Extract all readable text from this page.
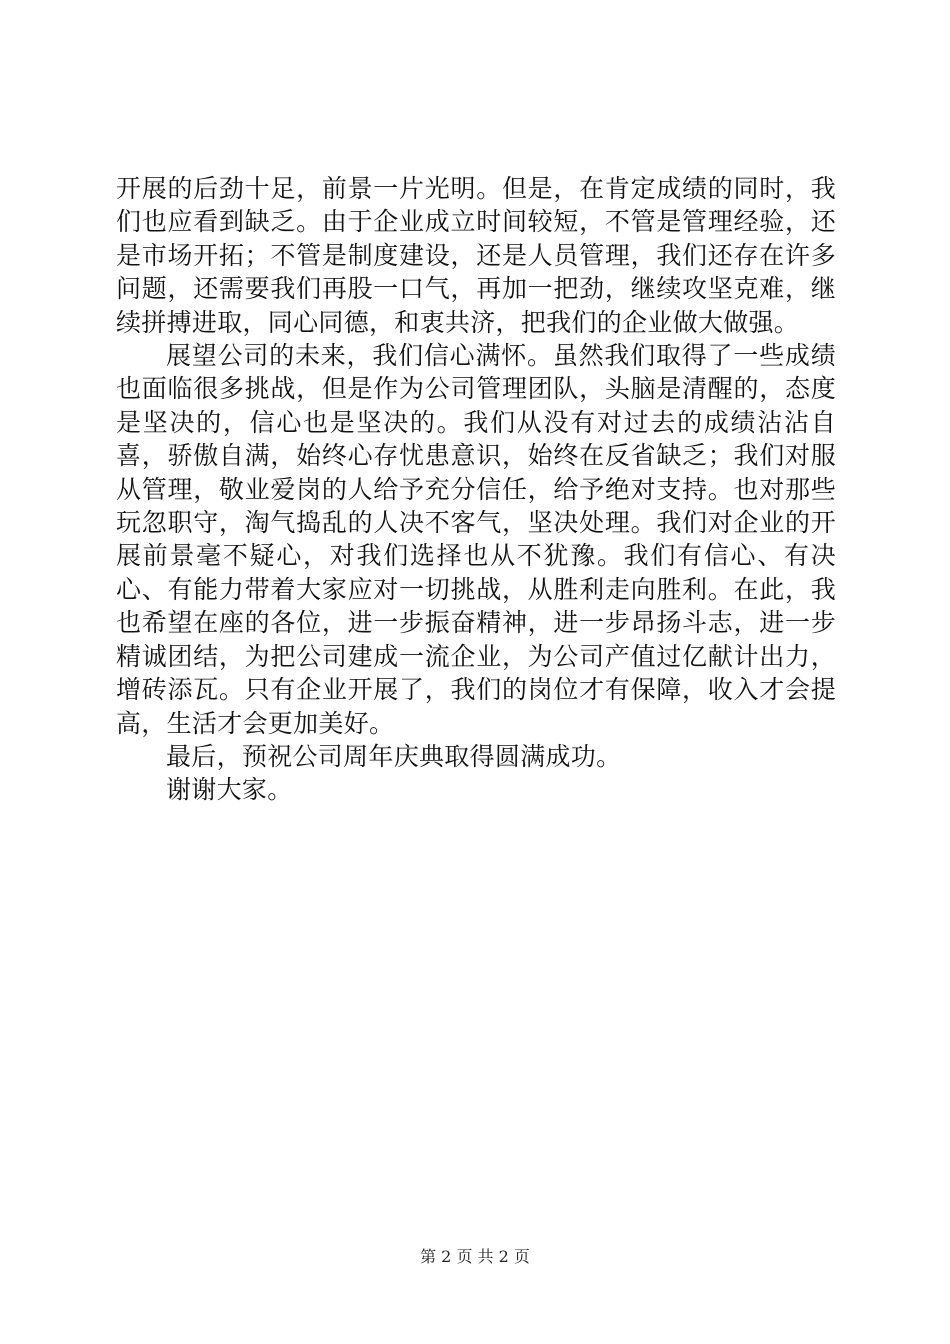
开展的后劲十足，前景一片光明。但是，在肯定成绩的同时，我们也应看到缺乏。由于企业成立时间较短，不管是管理经验，还是市场开拓；不管是制度建设，还是人员管理，我们还存在许多问题，还需要我们再股一口气，再加一把劲，继续攻坚克难，继续拼搏进取，同心同德，和衷共济，把我们的企业做大做强。

展望公司的未来，我们信心满怀。虽然我们取得了一些成绩也面临很多挑战，但是作为公司管理团队，头脑是清醒的，态度是坚决的，信心也是坚决的。我们从没有对过去的成绩沾沾自喜，骄傲自满，始终心存忧患意识，始终在反省缺乏；我们对服从管理，敬业爱岗的人给予充分信任，给予绝对支持。也对那些玩忽职守，淘气捣乱的人决不客气，坚决处理。我们对企业的开展前景毫不疑心，对我们选择也从不犹豫。我们有信心、有决心、有能力带着大家应对一切挑战，从胜利走向胜利。在此，我也希望在座的各位，进一步振奋精神，进一步昂扬斗志，进一步精诚团结，为把公司建成一流企业，为公司产值过亿献计出力，增砖添瓦。只有企业开展了，我们的岗位才有保障，收入才会提高，生活才会更加美好。

最后，预祝公司周年庆典取得圆满成功。

谢谢大家。

第 2 页 共 2 页
